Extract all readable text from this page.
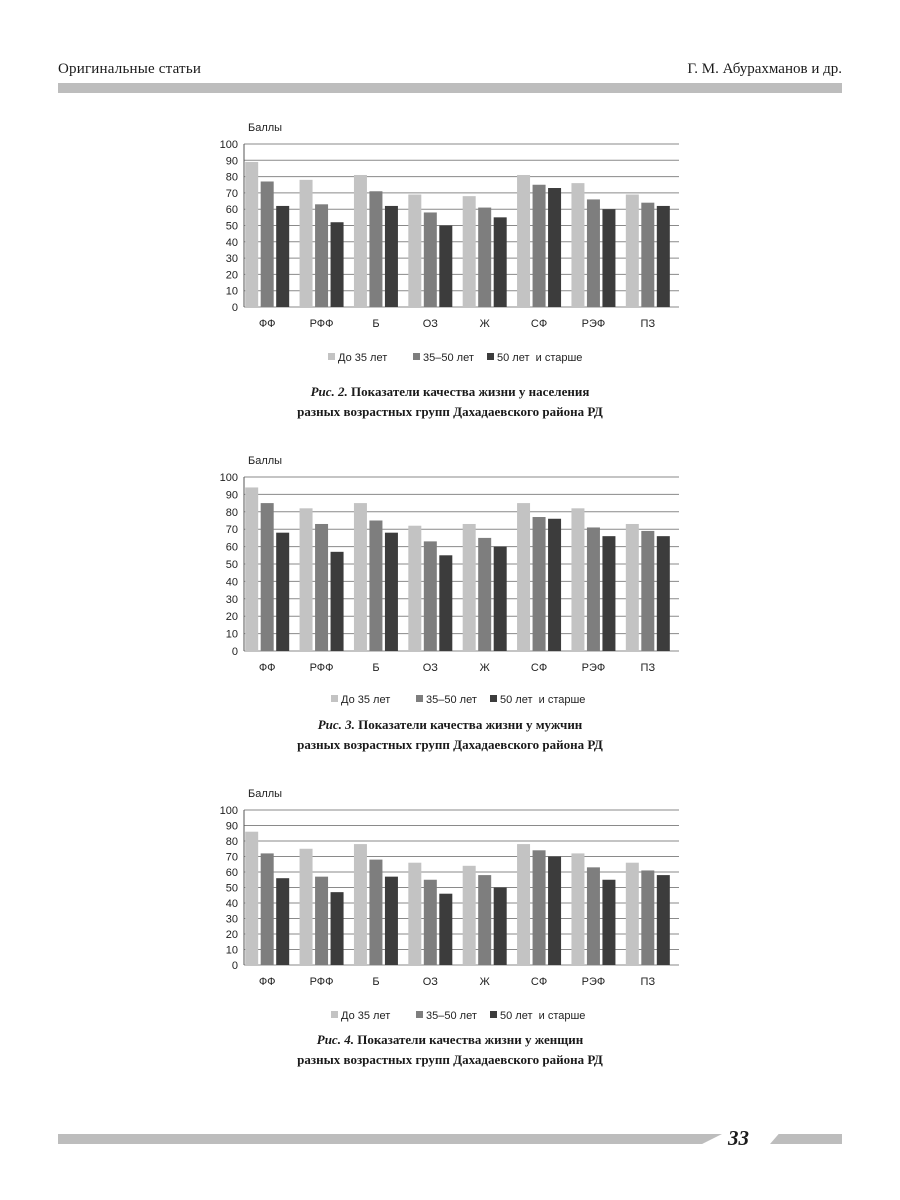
Оригинальные статьи	Г. М. Абурахманов и др.
Баллы
0
10
20
30
40
50
60
70
80
90
100
ФФ	РФФ	Б	ОЗ	Ж	СФ	РЭФ	ПЗ
До 35 лет	35–50 лет 50 лет  и старше
Рис. 2. Показатели качества жизни у населения
разных возрастных групп Дахадаевского района РД
Баллы
0
10
20
30
40
50
60
70
80
90
100
ФФ	РФФ	Б	ОЗ	Ж	СФ	РЭФ	ПЗ
До 35 лет	35–50 лет 50 лет  и старше
Рис. 3. Показатели качества жизни у мужчин
разных возрастных групп Дахадаевского района РД
Баллы
0
10
20
30
40
50
60
70
80
90
100
ФФ	РФФ	Б	ОЗ	Ж	СФ	РЭФ	ПЗ
До 35 лет	35–50 лет 50 лет  и старше
Рис. 4. Показатели качества жизни у женщин
разных возрастных групп Дахадаевского района РД
33
